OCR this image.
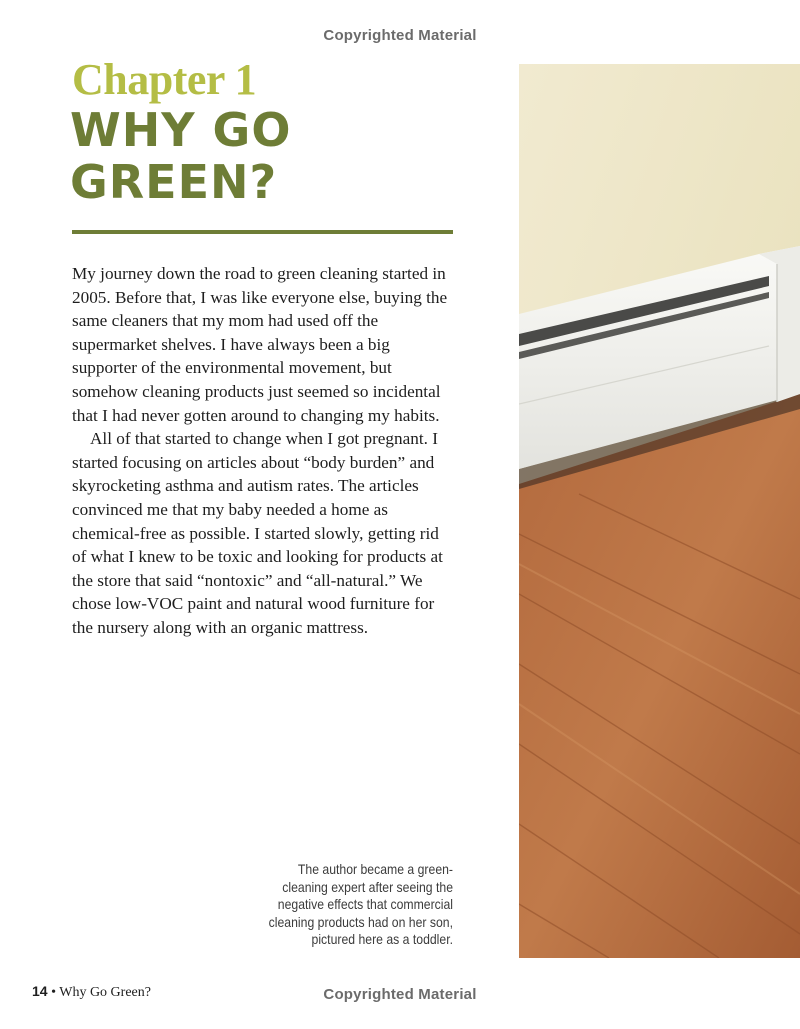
Copyrighted Material
Chapter 1
WHY GO
GREEN?

My journey down the road to green cleaning started in 2005. Before that, I was like everyone else, buying the same cleaners that my mom had used off the supermarket shelves. I have always been a big supporter of the environmental movement, but somehow cleaning products just seemed so incidental that I had never gotten around to changing my habits.

All of that started to change when I got pregnant. I started focusing on articles about “body burden” and skyrocketing asthma and autism rates. The articles convinced me that my baby needed a home as chemical-free as possible. I started slowly, getting rid of what I knew to be toxic and looking for products at the store that said “nontoxic” and “all-natural.” We chose low-VOC paint and natural wood furniture for the nursery along with an organic mattress.

The author became a green-cleaning expert after seeing the negative effects that commercial cleaning products had on her son, pictured here as a toddler.
14 • Why Go Green?	Copyrighted Material
